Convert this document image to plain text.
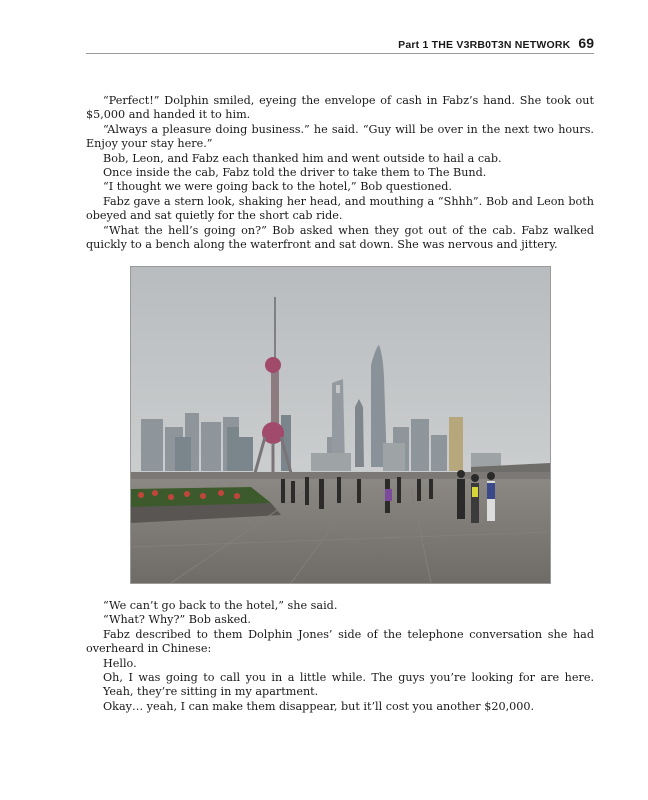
Part 1 THE V3RB0T3N NETWORK 69

“Perfect!” Dolphin smiled, eyeing the envelope of cash in Fabz’s hand. She took out $5,000 and handed it to him.

“Always a pleasure doing business.” he said. “Guy will be over in the next two hours. Enjoy your stay here.”

Bob, Leon, and Fabz each thanked him and went outside to hail a cab.

Once inside the cab, Fabz told the driver to take them to The Bund.

“I thought we were going back to the hotel,” Bob questioned.

Fabz gave a stern look, shaking her head, and mouthing a “Shhh”. Bob and Leon both obeyed and sat quietly for the short cab ride.

“What the hell’s going on?” Bob asked when they got out of the cab. Fabz walked quickly to a bench along the waterfront and sat down. She was nervous and jittery.

“We can’t go back to the hotel,” she said.

“What? Why?” Bob asked.

Fabz described to them Dolphin Jones’ side of the telephone conversation she had overheard in Chinese:

Hello.

Oh, I was going to call you in a little while. The guys you’re looking for are here. Yeah, they’re sitting in my apartment.

Okay… yeah, I can make them disappear, but it’ll cost you another $20,000.
